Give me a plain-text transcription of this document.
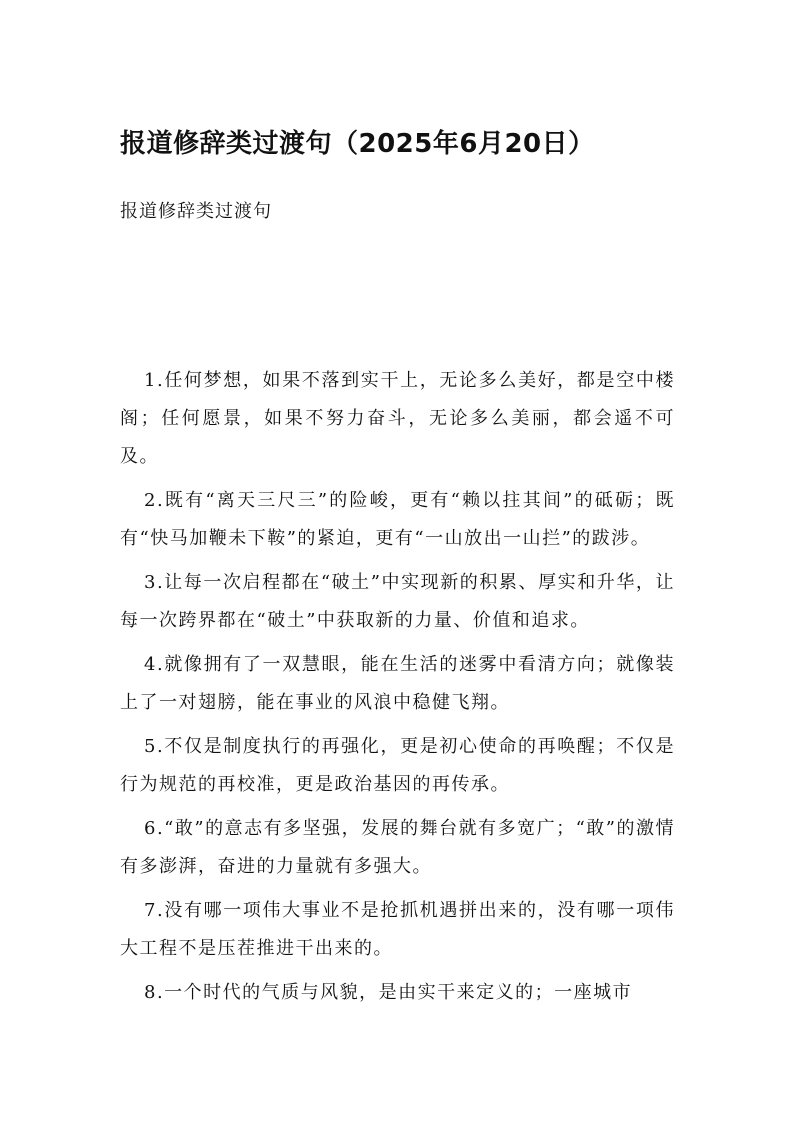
报道修辞类过渡句（2025年6月20日）
报道修辞类过渡句

1.任何梦想，如果不落到实干上，无论多么美好，都是空中楼阁；任何愿景，如果不努力奋斗，无论多么美丽，都会遥不可及。

2.既有“离天三尺三”的险峻，更有“赖以拄其间”的砥砺；既有“快马加鞭未下鞍”的紧迫，更有“一山放出一山拦”的跋涉。

3.让每一次启程都在“破土”中实现新的积累、厚实和升华，让每一次跨界都在“破土”中获取新的力量、价值和追求。

4.就像拥有了一双慧眼，能在生活的迷雾中看清方向；就像装上了一对翅膀，能在事业的风浪中稳健飞翔。

5.不仅是制度执行的再强化，更是初心使命的再唤醒；不仅是行为规范的再校准，更是政治基因的再传承。

6.“敢”的意志有多坚强，发展的舞台就有多宽广；“敢”的激情有多澎湃，奋进的力量就有多强大。

7.没有哪一项伟大事业不是抢抓机遇拼出来的，没有哪一项伟大工程不是压茬推进干出来的。

8.一个时代的气质与风貌，是由实干来定义的；一座城市
